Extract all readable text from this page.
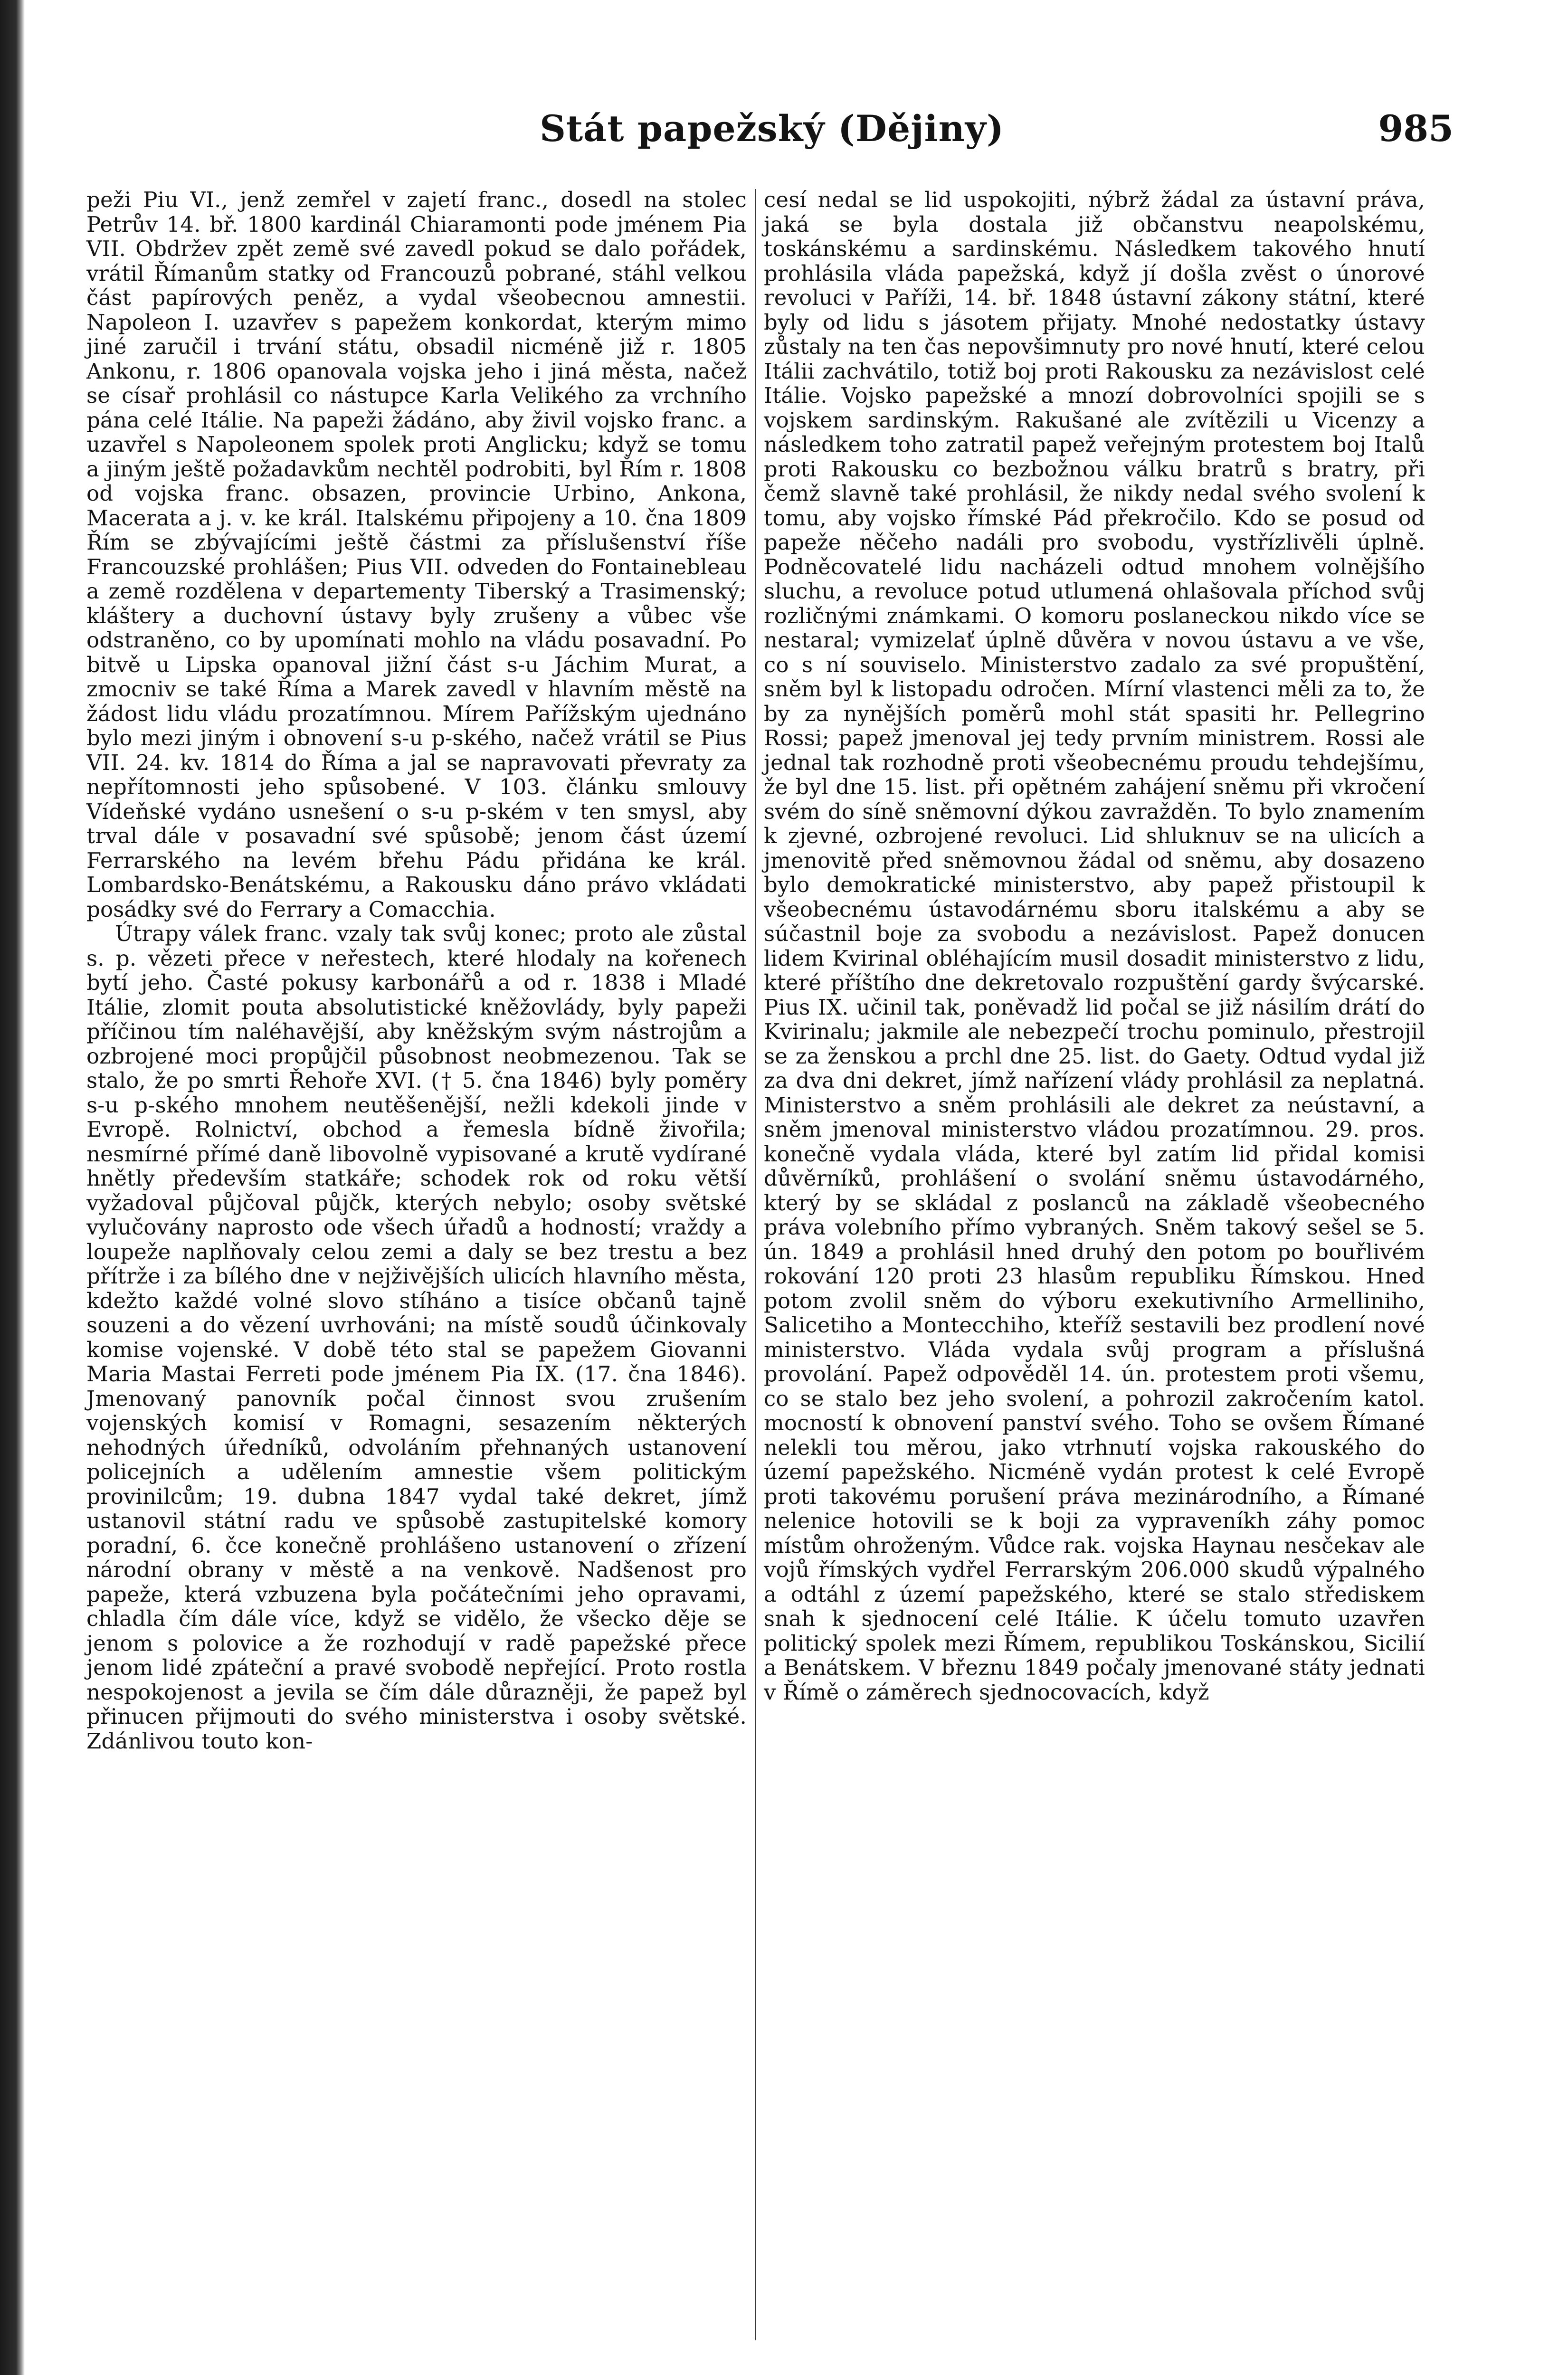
Stát papežský (Dějiny)	985

peži Piu VI., jenž zemřel v zajetí franc., dosedl na stolec Petrův 14. bř. 1800 kardinál Chiaramonti pode jménem Pia VII. Obdržev zpět země své zavedl pokud se dalo pořádek, vrátil Římanům statky od Francouzů pobrané, stáhl velkou část papírových peněz, a vydal všeobecnou amnestii. Napoleon I. uzavřev s papežem konkordat, kterým mimo jiné zaručil i trvání státu, obsadil nicméně již r. 1805 Ankonu, r. 1806 opanovala vojska jeho i jiná města, načež se císař prohlásil co nástupce Karla Velikého za vrchního pána celé Itálie. Na papeži žádáno, aby živil vojsko franc. a uzavřel s Napoleonem spolek proti Anglicku; když se tomu a jiným ještě požadavkům nechtěl podrobiti, byl Řím r. 1808 od vojska franc. obsazen, provincie Urbino, Ankona, Macerata a j. v. ke král. Italskému připojeny a 10. čna 1809 Řím se zbývajícími ještě částmi za příslušenství říše Francouzské prohlášen; Pius VII. odveden do Fontainebleau a země rozdělena v departementy Tiberský a Trasimenský; kláštery a duchovní ústavy byly zrušeny a vůbec vše odstraněno, co by upomínati mohlo na vládu posavadní. Po bitvě u Lipska opanoval jižní část s-u Jáchim Murat, a zmocniv se také Říma a Marek zavedl v hlavním městě na žádost lidu vládu prozatímnou. Mírem Pařížským ujednáno bylo mezi jiným i obnovení s-u p-ského, načež vrátil se Pius VII. 24. kv. 1814 do Říma a jal se napravovati převraty za nepřítomnosti jeho spůsobené. V 103. článku smlouvy Vídeňské vydáno usnešení o s-u p-ském v ten smysl, aby trval dále v posavadní své spůsobě; jenom část území Ferrarského na levém břehu Pádu přidána ke král. Lombardsko-Benátskému, a Rakousku dáno právo vkládati posádky své do Ferrary a Comacchia.

Útrapy válek franc. vzaly tak svůj konec; proto ale zůstal s. p. vězeti přece v neřestech, které hlodaly na kořenech bytí jeho. Časté pokusy karbonářů a od r. 1838 i Mladé Itálie, zlomit pouta absolutistické kněžovlády, byly papeži příčinou tím naléhavější, aby kněžským svým nástrojům a ozbrojené moci propůjčil působnost neobmezenou. Tak se stalo, že po smrti Řehoře XVI. († 5. čna 1846) byly poměry s-u p-ského mnohem neutěšenější, nežli kdekoli jinde v Evropě. Rolnictví, obchod a řemesla bídně živořila; nesmírné přímé daně libovolně vypisované a krutě vydírané hnětly především statkáře; schodek rok od roku větší vyžadoval půjčoval půjčk, kterých nebylo; osoby světské vylučovány naprosto ode všech úřadů a hodností; vraždy a loupeže naplňovaly celou zemi a daly se bez trestu a bez přítrže i za bílého dne v nejživějších ulicích hlavního města, kdežto každé volné slovo stíháno a tisíce občanů tajně souzeni a do vězení uvrhováni; na místě soudů účinkovaly komise vojenské. V době této stal se papežem Giovanni Maria Mastai Ferreti pode jménem Pia IX. (17. čna 1846). Jmenovaný panovník počal činnost svou zrušením vojenských komisí v Romagni, sesazením některých nehodných úředníků, odvoláním přehnaných ustanovení policejních a udělením amnestie všem politickým provinilcům; 19. dubna 1847 vydal také dekret, jímž ustanovil státní radu ve spůsobě zastupitelské komory poradní, 6. čce konečně prohlášeno ustanovení o zřízení národní obrany v městě a na venkově. Nadšenost pro papeže, která vzbuzena byla počátečními jeho opravami, chladla čím dále více, když se vidělo, že všecko děje se jenom s polovice a že rozhodují v radě papežské přece jenom lidé zpáteční a pravé svobodě nepřející. Proto rostla nespokojenost a jevila se čím dále důrazněji, že papež byl přinucen přijmouti do svého ministerstva i osoby světské. Zdánlivou touto kon-

cesí nedal se lid uspokojiti, nýbrž žádal za ústavní práva, jaká se byla dostala již občanstvu neapolskému, toskánskému a sardinskému. Následkem takového hnutí prohlásila vláda papežská, když jí došla zvěst o únorové revoluci v Paříži, 14. bř. 1848 ústavní zákony státní, které byly od lidu s jásotem přijaty. Mnohé nedostatky ústavy zůstaly na ten čas nepovšimnuty pro nové hnutí, které celou Itálii zachvátilo, totiž boj proti Rakousku za nezávislost celé Itálie. Vojsko papežské a mnozí dobrovolníci spojili se s vojskem sardinským. Rakušané ale zvítězili u Vicenzy a následkem toho zatratil papež veřejným protestem boj Italů proti Rakousku co bezbožnou válku bratrů s bratry, při čemž slavně také prohlásil, že nikdy nedal svého svolení k tomu, aby vojsko římské Pád překročilo. Kdo se posud od papeže něčeho nadáli pro svobodu, vystřízlivěli úplně. Podněcovatelé lidu nacházeli odtud mnohem volnějšího sluchu, a revoluce potud utlumená ohlašovala příchod svůj rozličnými známkami. O komoru poslaneckou nikdo více se nestaral; vymizelať úplně důvěra v novou ústavu a ve vše, co s ní souviselo. Ministerstvo zadalo za své propuštění, sněm byl k listopadu odročen. Mírní vlastenci měli za to, že by za nynějších poměrů mohl stát spasiti hr. Pellegrino Rossi; papež jmenoval jej tedy prvním ministrem. Rossi ale jednal tak rozhodně proti všeobecnému proudu tehdejšímu, že byl dne 15. list. při opětném zahájení sněmu při vkročení svém do síně sněmovní dýkou zavražděn. To bylo znamením k zjevné, ozbrojené revoluci. Lid shluknuv se na ulicích a jmenovitě před sněmovnou žádal od sněmu, aby dosazeno bylo demokratické ministerstvo, aby papež přistoupil k všeobecnému ústavodárnému sboru italskému a aby se súčastnil boje za svobodu a nezávislost. Papež donucen lidem Kvirinal obléhajícím musil dosadit ministerstvo z lidu, které příštího dne dekretovalo rozpuštění gardy švýcarské. Pius IX. učinil tak, poněvadž lid počal se již násilím drátí do Kvirinalu; jakmile ale nebezpečí trochu pominulo, přestrojil se za ženskou a prchl dne 25. list. do Gaety. Odtud vydal již za dva dni dekret, jímž nařízení vlády prohlásil za neplatná. Ministerstvo a sněm prohlásili ale dekret za neústavní, a sněm jmenoval ministerstvo vládou prozatímnou. 29. pros. konečně vydala vláda, které byl zatím lid přidal komisi důvěrníků, prohlášení o svolání sněmu ústavodárného, který by se skládal z poslanců na základě všeobecného práva volebního přímo vybraných. Sněm takový sešel se 5. ún. 1849 a prohlásil hned druhý den potom po bouřlivém rokování 120 proti 23 hlasům republiku Římskou. Hned potom zvolil sněm do výboru exekutivního Armelliniho, Salicetiho a Montecchiho, kteříž sestavili bez prodlení nové ministerstvo. Vláda vydala svůj program a příslušná provolání. Papež odpověděl 14. ún. protestem proti všemu, co se stalo bez jeho svolení, a pohrozil zakročením katol. mocností k obnovení panství svého. Toho se ovšem Římané nelekli tou měrou, jako vtrhnutí vojska rakouského do území papežského. Nicméně vydán protest k celé Evropě proti takovému porušení práva mezinárodního, a Římané nelenice hotovili se k boji za vypraveníkh záhy pomoc místům ohroženým. Vůdce rak. vojska Haynau nesčekav ale vojů římských vydřel Ferrarským 206.000 skudů výpalného a odtáhl z území papežského, které se stalo střediskem snah k sjednocení celé Itálie. K účelu tomuto uzavřen politický spolek mezi Římem, republikou Toskánskou, Sicilií a Benátskem. V březnu 1849 počaly jmenované státy jednati v Římě o záměrech sjednocovacích, když
